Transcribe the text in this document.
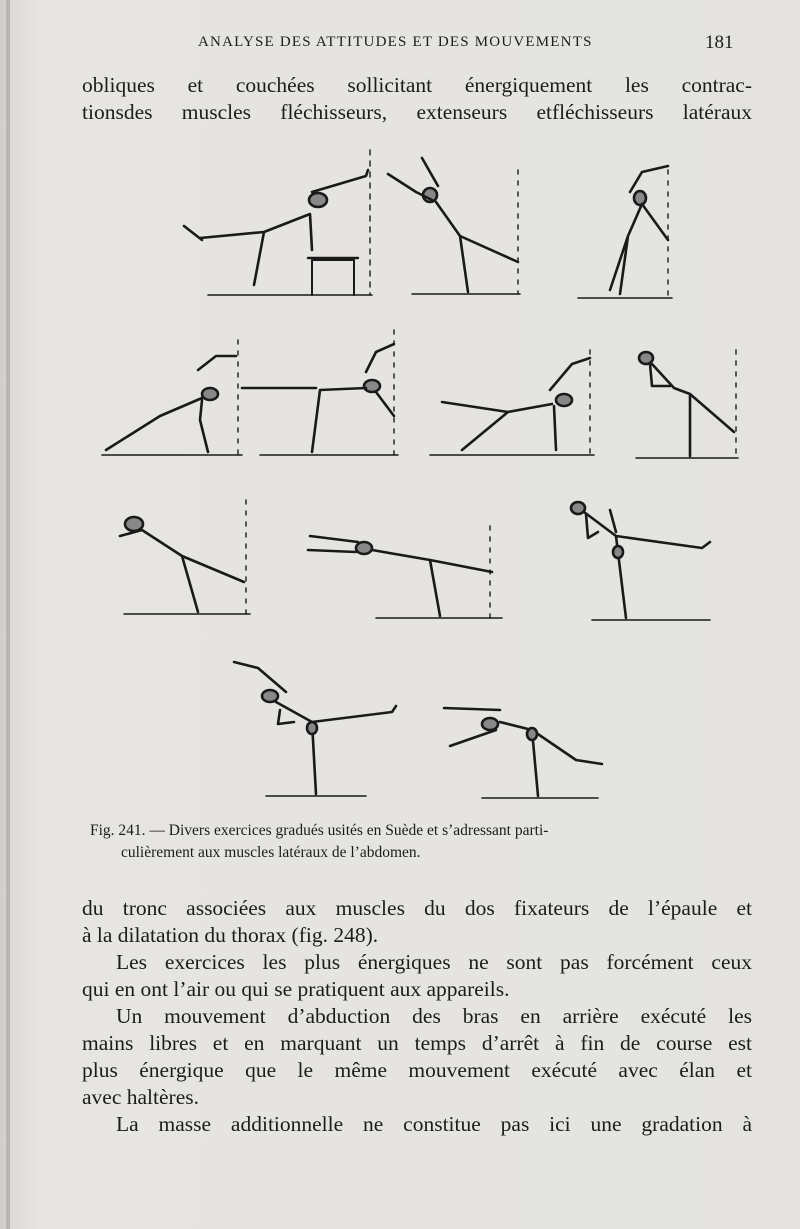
ANALYSE DES ATTITUDES ET DES MOUVEMENTS	181
obliques et couchées sollicitant énergiquement les contrac-
tionsdes muscles fléchisseurs, extenseurs etfléchisseurs latéraux
Fig. 241. — Divers exercices gradués usités en Suède et s’adressant parti-
culièrement aux muscles latéraux de l’abdomen.
du tronc associées aux muscles du dos fixateurs de l’épaule et
à la dilatation du thorax (fig. 248).
Les exercices les plus énergiques ne sont pas forcément ceux
qui en ont l’air ou qui se pratiquent aux appareils.
Un mouvement d’abduction des bras en arrière exécuté les
mains libres et en marquant un temps d’arrêt à fin de course est
plus énergique que le même mouvement exécuté avec élan et
avec haltères.
La masse additionnelle ne constitue pas ici une gradation à
